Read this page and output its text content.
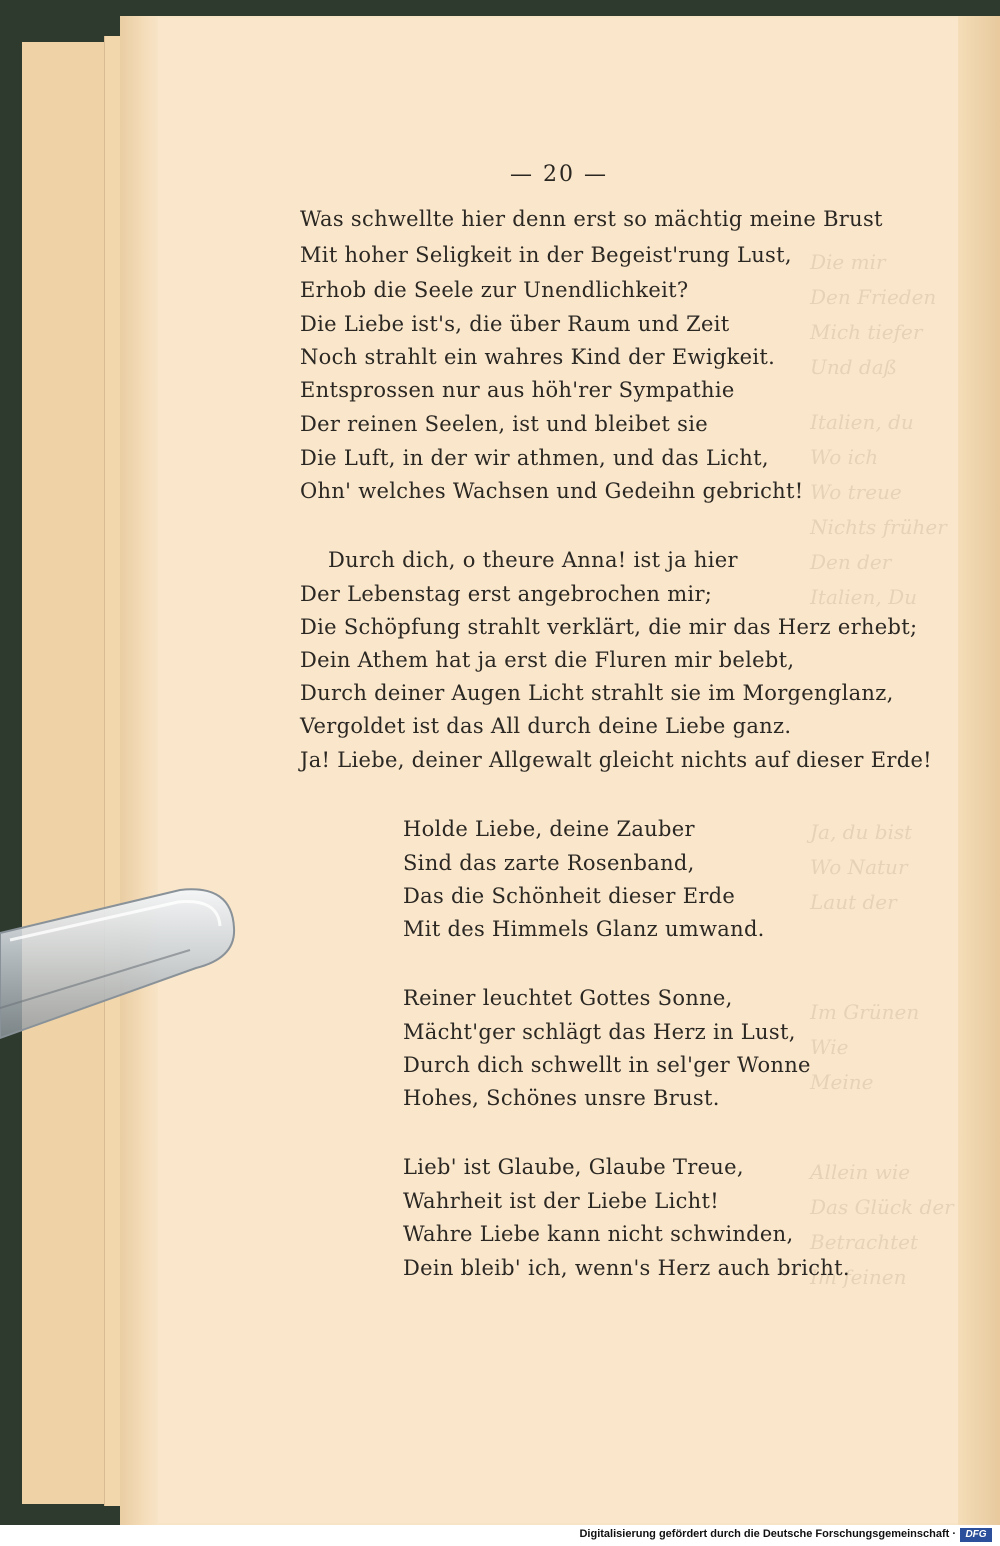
Die mir
Den Frieden
Mich tiefer
Und daß
Italien, du
Wo ich
Wo treue
Nichts früher
Den der
Italien, Du
Ja, du bist
Wo Natur
Laut der
Im Grünen
Wie
Meine
Allein wie
Das Glück der
Betrachtet
Im feinen
— 20 —
Was schwellte hier denn erst so mächtig meine Brust
Mit hoher Seligkeit in der Begeist'rung Lust,
Erhob die Seele zur Unendlichkeit?
Die Liebe ist's, die über Raum und Zeit
Noch strahlt ein wahres Kind der Ewigkeit.
Entsprossen nur aus höh'rer Sympathie
Der reinen Seelen, ist und bleibet sie
Die Luft, in der wir athmen, und das Licht,
Ohn' welches Wachsen und Gedeihn gebricht!
Durch dich, o theure Anna! ist ja hier
Der Lebenstag erst angebrochen mir;
Die Schöpfung strahlt verklärt, die mir das Herz erhebt;
Dein Athem hat ja erst die Fluren mir belebt,
Durch deiner Augen Licht strahlt sie im Morgenglanz,
Vergoldet ist das All durch deine Liebe ganz.
Ja! Liebe, deiner Allgewalt gleicht nichts auf dieser Erde!
Holde Liebe, deine Zauber
Sind das zarte Rosenband,
Das die Schönheit dieser Erde
Mit des Himmels Glanz umwand.
Reiner leuchtet Gottes Sonne,
Mächt'ger schlägt das Herz in Lust,
Durch dich schwellt in sel'ger Wonne
Hohes, Schönes unsre Brust.
Lieb' ist Glaube, Glaube Treue,
Wahrheit ist der Liebe Licht!
Wahre Liebe kann nicht schwinden,
Dein bleib' ich, wenn's Herz auch bricht.
Digitalisierung gefördert durch die Deutsche Forschungsgemeinschaft · DFG
